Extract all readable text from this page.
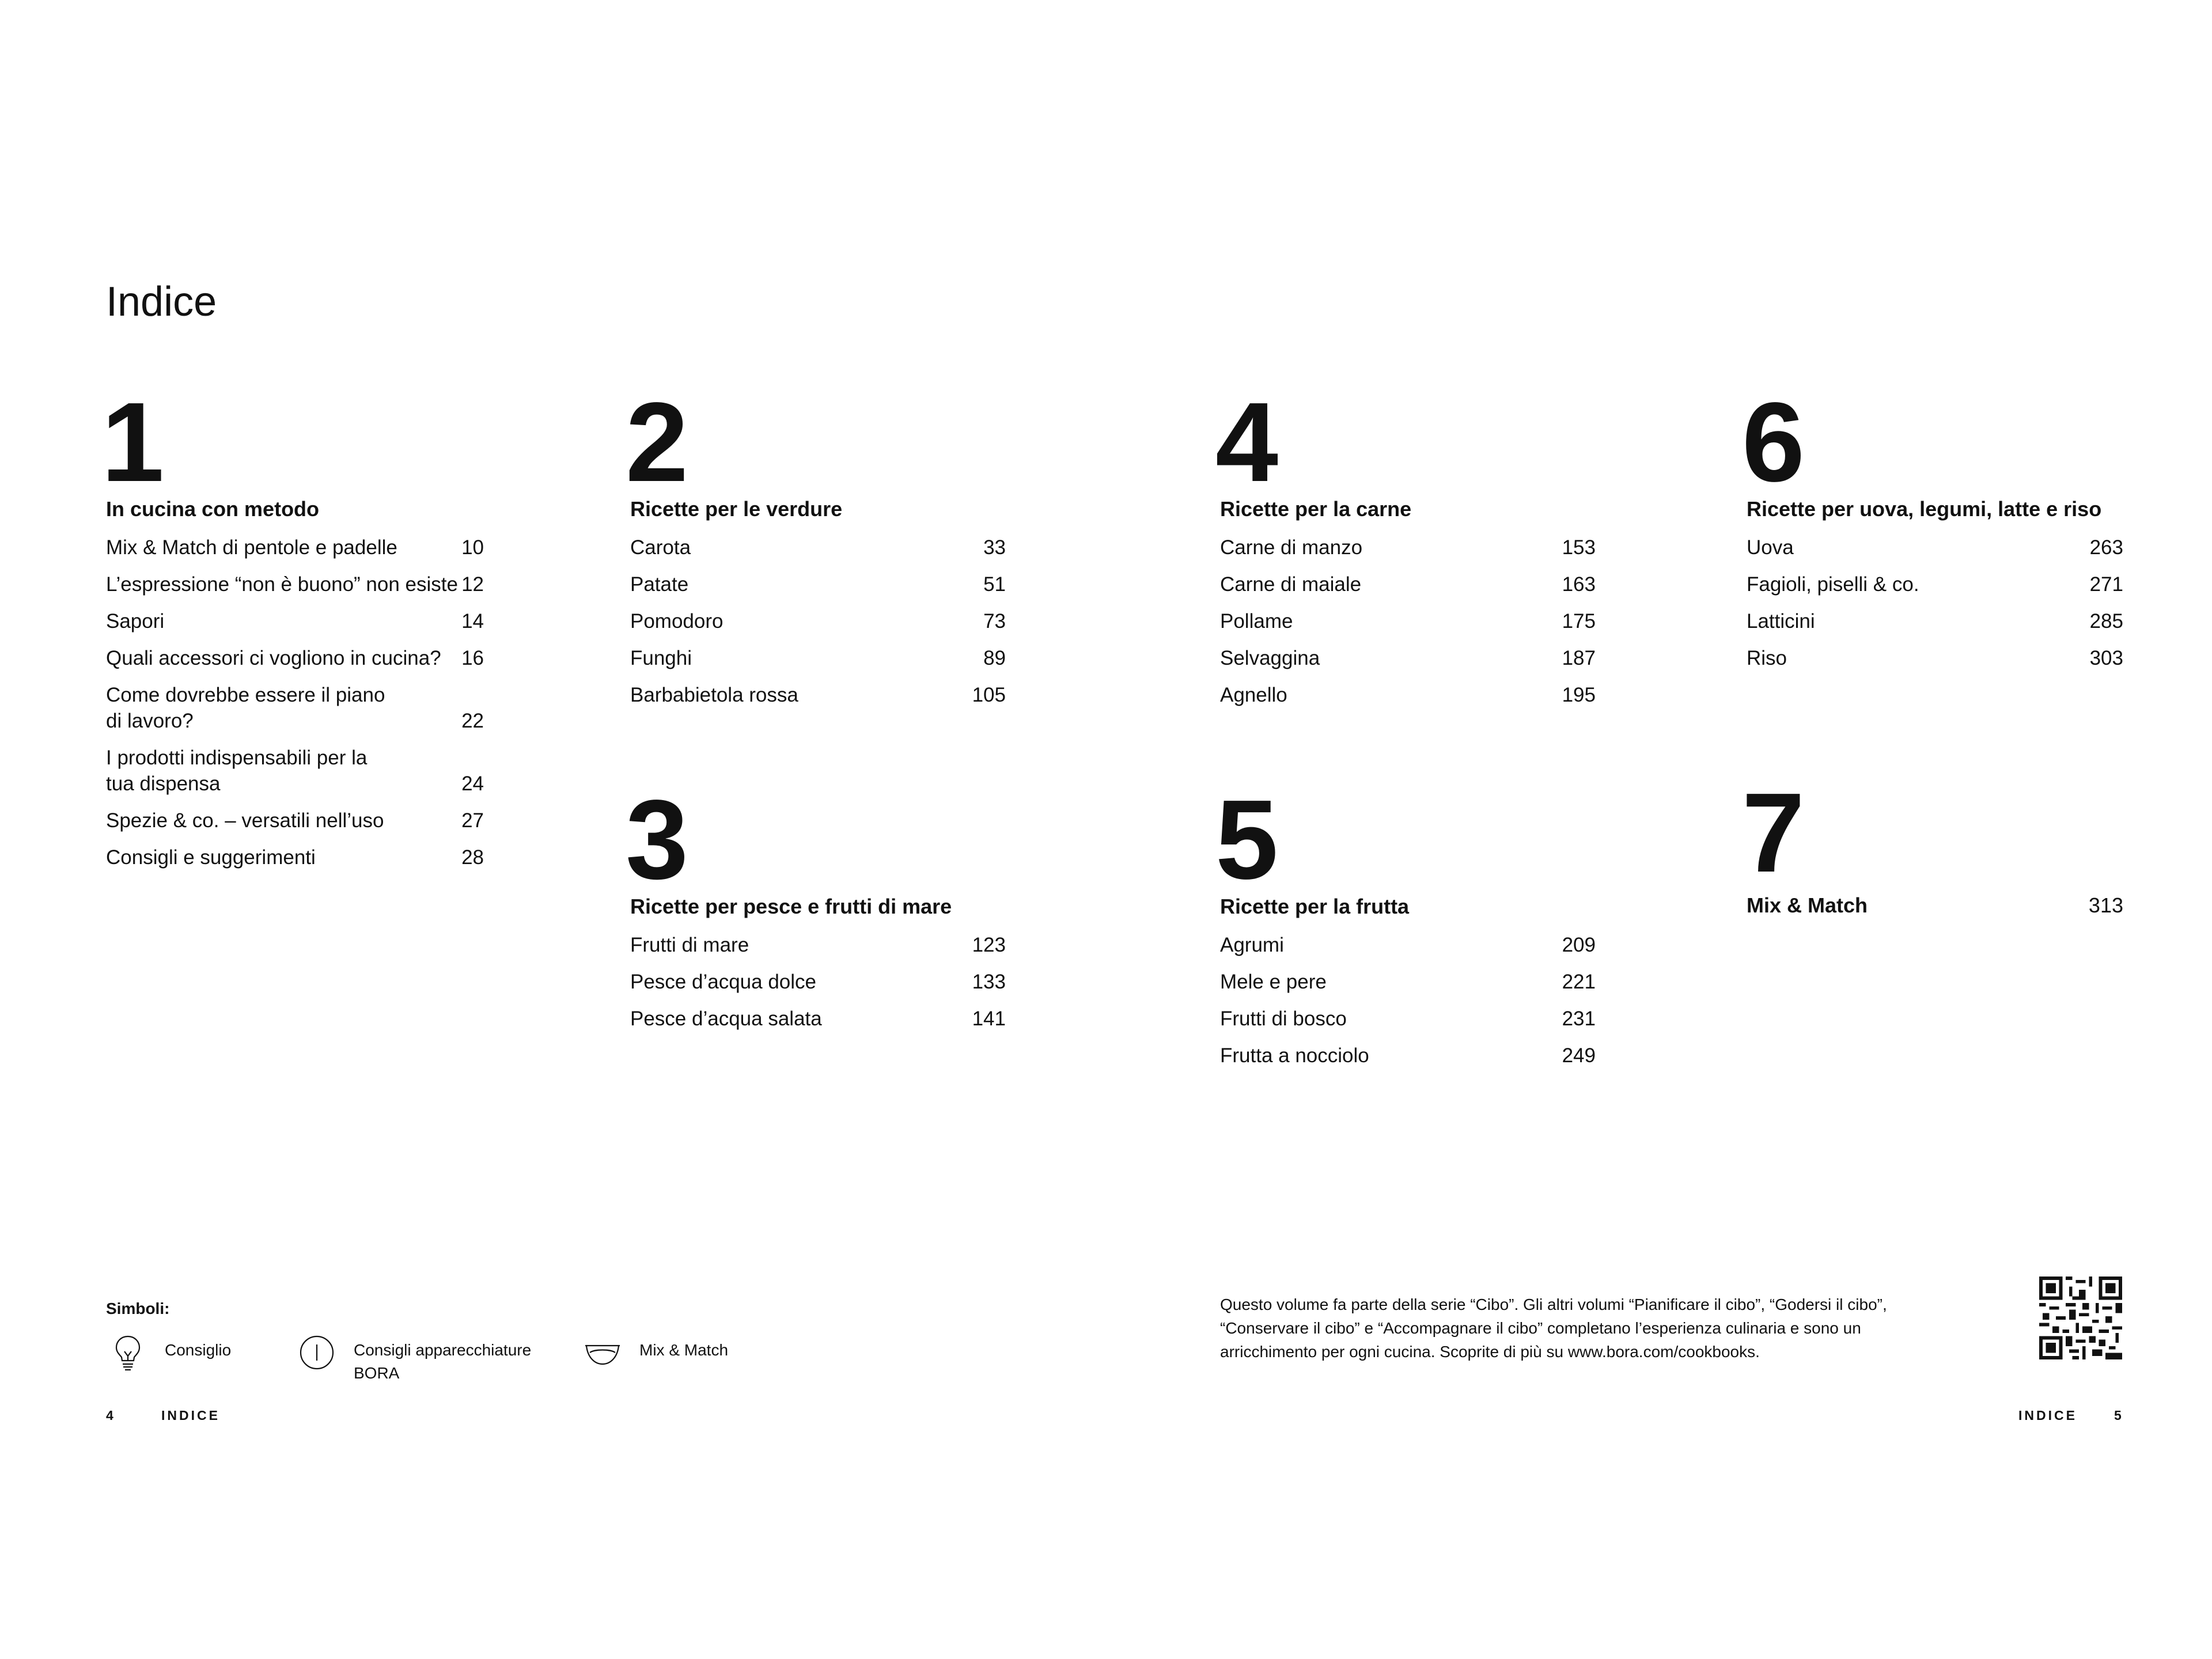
Indice
1
In cucina con metodo
Mix & Match di pentole e padelle	10
L’espressione “non è buono” non esiste 12
Sapori	14
Quali accessori ci vogliono in cucina? 16
Come dovrebbe essere il piano
di lavoro?	22
I prodotti indispensabili per la
tua dispensa	24
Spezie & co. – versatili nell’uso	27
Consigli e suggerimenti	28
2
Ricette per le verdure
Carota	33
Patate	51
Pomodoro	73
Funghi	89
Barbabietola rossa	105
3
Ricette per pesce e frutti di mare
Frutti di mare	123
Pesce d’acqua dolce	133
Pesce d’acqua salata	141
4
Ricette per la carne
Carne di manzo	153
Carne di maiale	163
Pollame	175
Selvaggina	187
Agnello	195
5
Ricette per la frutta
Agrumi	209
Mele e pere	221
Frutti di bosco	231
Frutta a nocciolo	249
6
Ricette per uova, legumi, latte e riso
Uova	263
Fagioli, piselli & co.	271
Latticini	285
Riso	303
7
Mix & Match	313
Simboli:
Consiglio	Consigli apparecchiature
BORA
Mix & Match
Questo volume fa parte della serie “Cibo”. Gli altri volumi “Pianificare il cibo”, “Godersi il cibo”, “Conservare il cibo” e “Accompagnare il cibo” completano l’esperienza culinaria e sono un arricchimento per ogni cucina. Scoprite di più su www.bora.com/cookbooks.
4	INDICE	INDICE	5
